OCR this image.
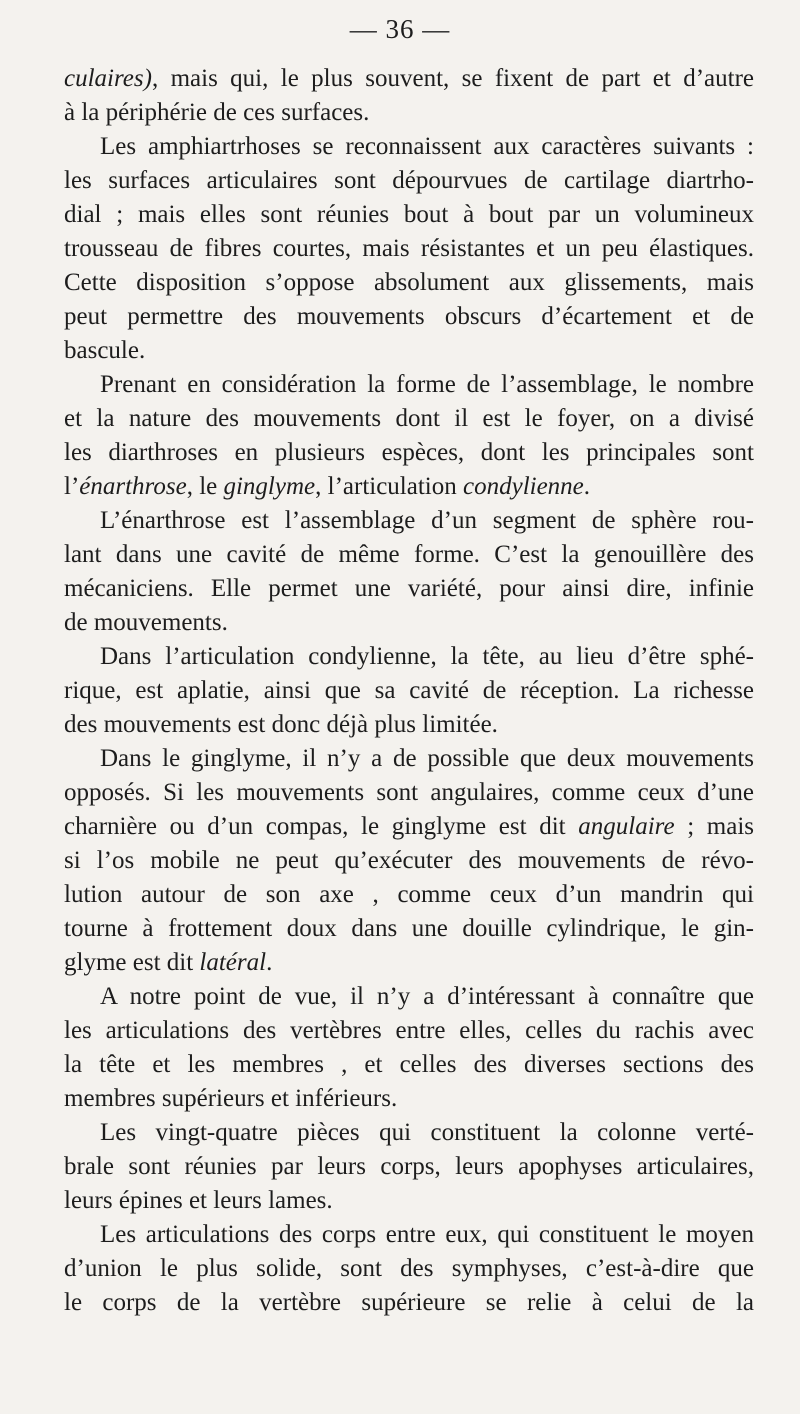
— 36 —
culaires), mais qui, le plus souvent, se fixent de part et d’autre
à la périphérie de ces surfaces.
Les amphiartrhoses se reconnaissent aux caractères suivants :
les surfaces articulaires sont dépourvues de cartilage diartrho-
dial ; mais elles sont réunies bout à bout par un volumineux
trousseau de fibres courtes, mais résistantes et un peu élastiques.
Cette disposition s’oppose absolument aux glissements, mais
peut permettre des mouvements obscurs d’écartement et de
bascule.
Prenant en considération la forme de l’assemblage, le nombre
et la nature des mouvements dont il est le foyer, on a divisé
les diarthroses en plusieurs espèces, dont les principales sont
l’énarthrose, le ginglyme, l’articulation condylienne.
L’énarthrose est l’assemblage d’un segment de sphère rou-
lant dans une cavité de même forme. C’est la genouillère des
mécaniciens. Elle permet une variété, pour ainsi dire, infinie
de mouvements.
Dans l’articulation condylienne, la tête, au lieu d’être sphé-
rique, est aplatie, ainsi que sa cavité de réception. La richesse
des mouvements est donc déjà plus limitée.
Dans le ginglyme, il n’y a de possible que deux mouvements
opposés. Si les mouvements sont angulaires, comme ceux d’une
charnière ou d’un compas, le ginglyme est dit angulaire ; mais
si l’os mobile ne peut qu’exécuter des mouvements de révo-
lution autour de son axe , comme ceux d’un mandrin qui
tourne à frottement doux dans une douille cylindrique, le gin-
glyme est dit latéral.
A notre point de vue, il n’y a d’intéressant à connaître que
les articulations des vertèbres entre elles, celles du rachis avec
la tête et les membres , et celles des diverses sections des
membres supérieurs et inférieurs.
Les vingt-quatre pièces qui constituent la colonne verté-
brale sont réunies par leurs corps, leurs apophyses articulaires,
leurs épines et leurs lames.
Les articulations des corps entre eux, qui constituent le moyen
d’union le plus solide, sont des symphyses, c’est-à-dire que
le corps de la vertèbre supérieure se relie à celui de la
